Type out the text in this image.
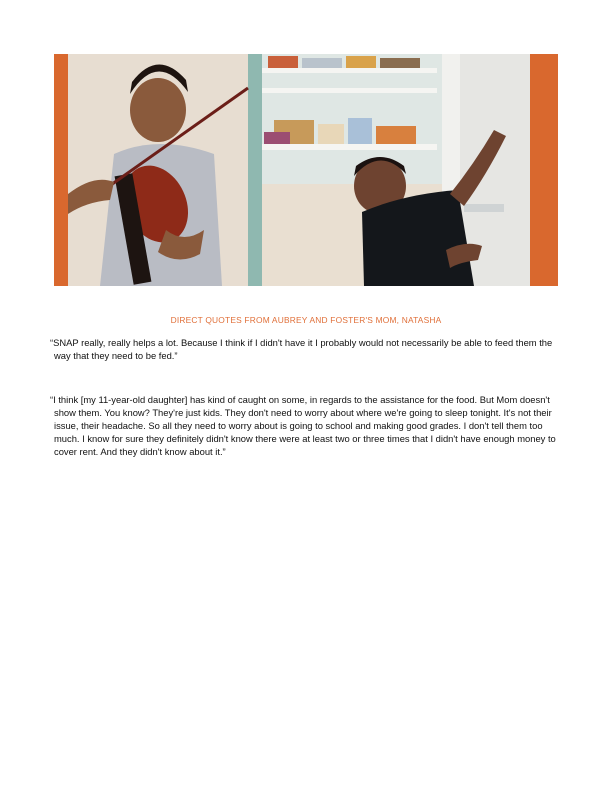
DIRECT QUOTES FROM AUBREY AND FOSTER'S MOM, NATASHA

“SNAP really, really helps a lot. Because I think if I didn't have it I probably would not necessarily be able to feed them the way that they need to be fed.”

“I think [my 11-year-old daughter] has kind of caught on some, in regards to the assistance for the food. But Mom doesn't show them. You know? They're just kids. They don't need to worry about where we're going to sleep tonight. It's not their issue, their headache. So all they need to worry about is going to school and making good grades. I don't tell them too much. I know for sure they definitely didn't know there were at least two or three times that I didn't have enough money to cover rent. And they didn't know about it.”
